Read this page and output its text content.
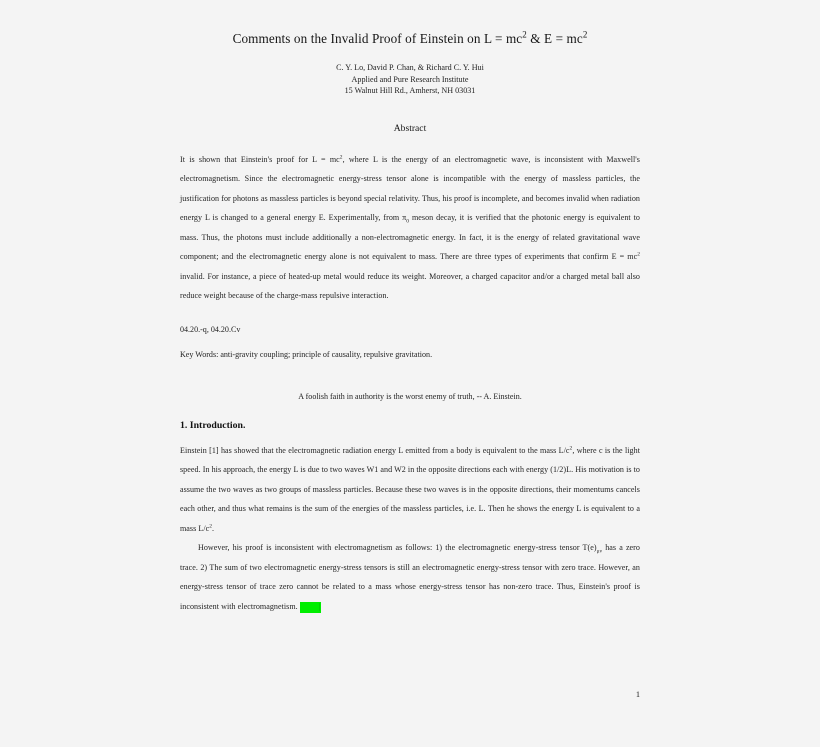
Comments on the Invalid Proof of Einstein on $L = mc^2$ & $E = mc^2$
C. Y. Lo, David P. Chan, & Richard C. Y. Hui
Applied and Pure Research Institute
15 Walnut Hill Rd., Amherst, NH 03031
Abstract

It is shown that Einstein's proof for $L = mc^2$, where L is the energy of an electromagnetic wave, is inconsistent with Maxwell's electromagnetism. Since the electromagnetic energy-stress tensor alone is incompatible with the energy of massless particles, the justification for photons as massless particles is beyond special relativity. Thus, his proof is incomplete, and becomes invalid when radiation energy L is changed to a general energy E. Experimentally, from $\pi_0$ meson decay, it is verified that the photonic energy is equivalent to mass. Thus, the photons must include additionally a non-electromagnetic energy. In fact, it is the energy of related gravitational wave component; and the electromagnetic energy alone is not equivalent to mass. There are three types of experiments that confirm $E = mc^2$ invalid. For instance, a piece of heated-up metal would reduce its weight. Moreover, a charged capacitor and/or a charged metal ball also reduce weight because of the charge-mass repulsive interaction.

04.20.-q, 04.20.Cv
Key Words: anti-gravity coupling; principle of causality, repulsive gravitation.
A foolish faith in authority is the worst enemy of truth, -- A. Einstein.
1. Introduction.

Einstein [1] has showed that the electromagnetic radiation energy L emitted from a body is equivalent to the mass $L/c^2$, where c is the light speed. In his approach, the energy L is due to two waves W1 and W2 in the opposite directions each with energy (1/2)L. His motivation is to assume the two waves as two groups of massless particles. Because these two waves is in the opposite directions, their momentums cancels each other, and thus what remains is the sum of the energies of the massless particles, i.e. L. Then he shows the energy L is equivalent to a mass $L/c^2$.

However, his proof is inconsistent with electromagnetism as follows: 1) the electromagnetic energy-stress tensor $T(e)_{\mu\nu}$ has a zero trace. 2) The sum of two electromagnetic energy-stress tensors is still an electromagnetic energy-stress tensor with zero trace. However, an energy-stress tensor of trace zero cannot be related to a mass whose energy-stress tensor has non-zero trace. Thus, Einstein's proof is inconsistent with electromagnetism.	|

1
